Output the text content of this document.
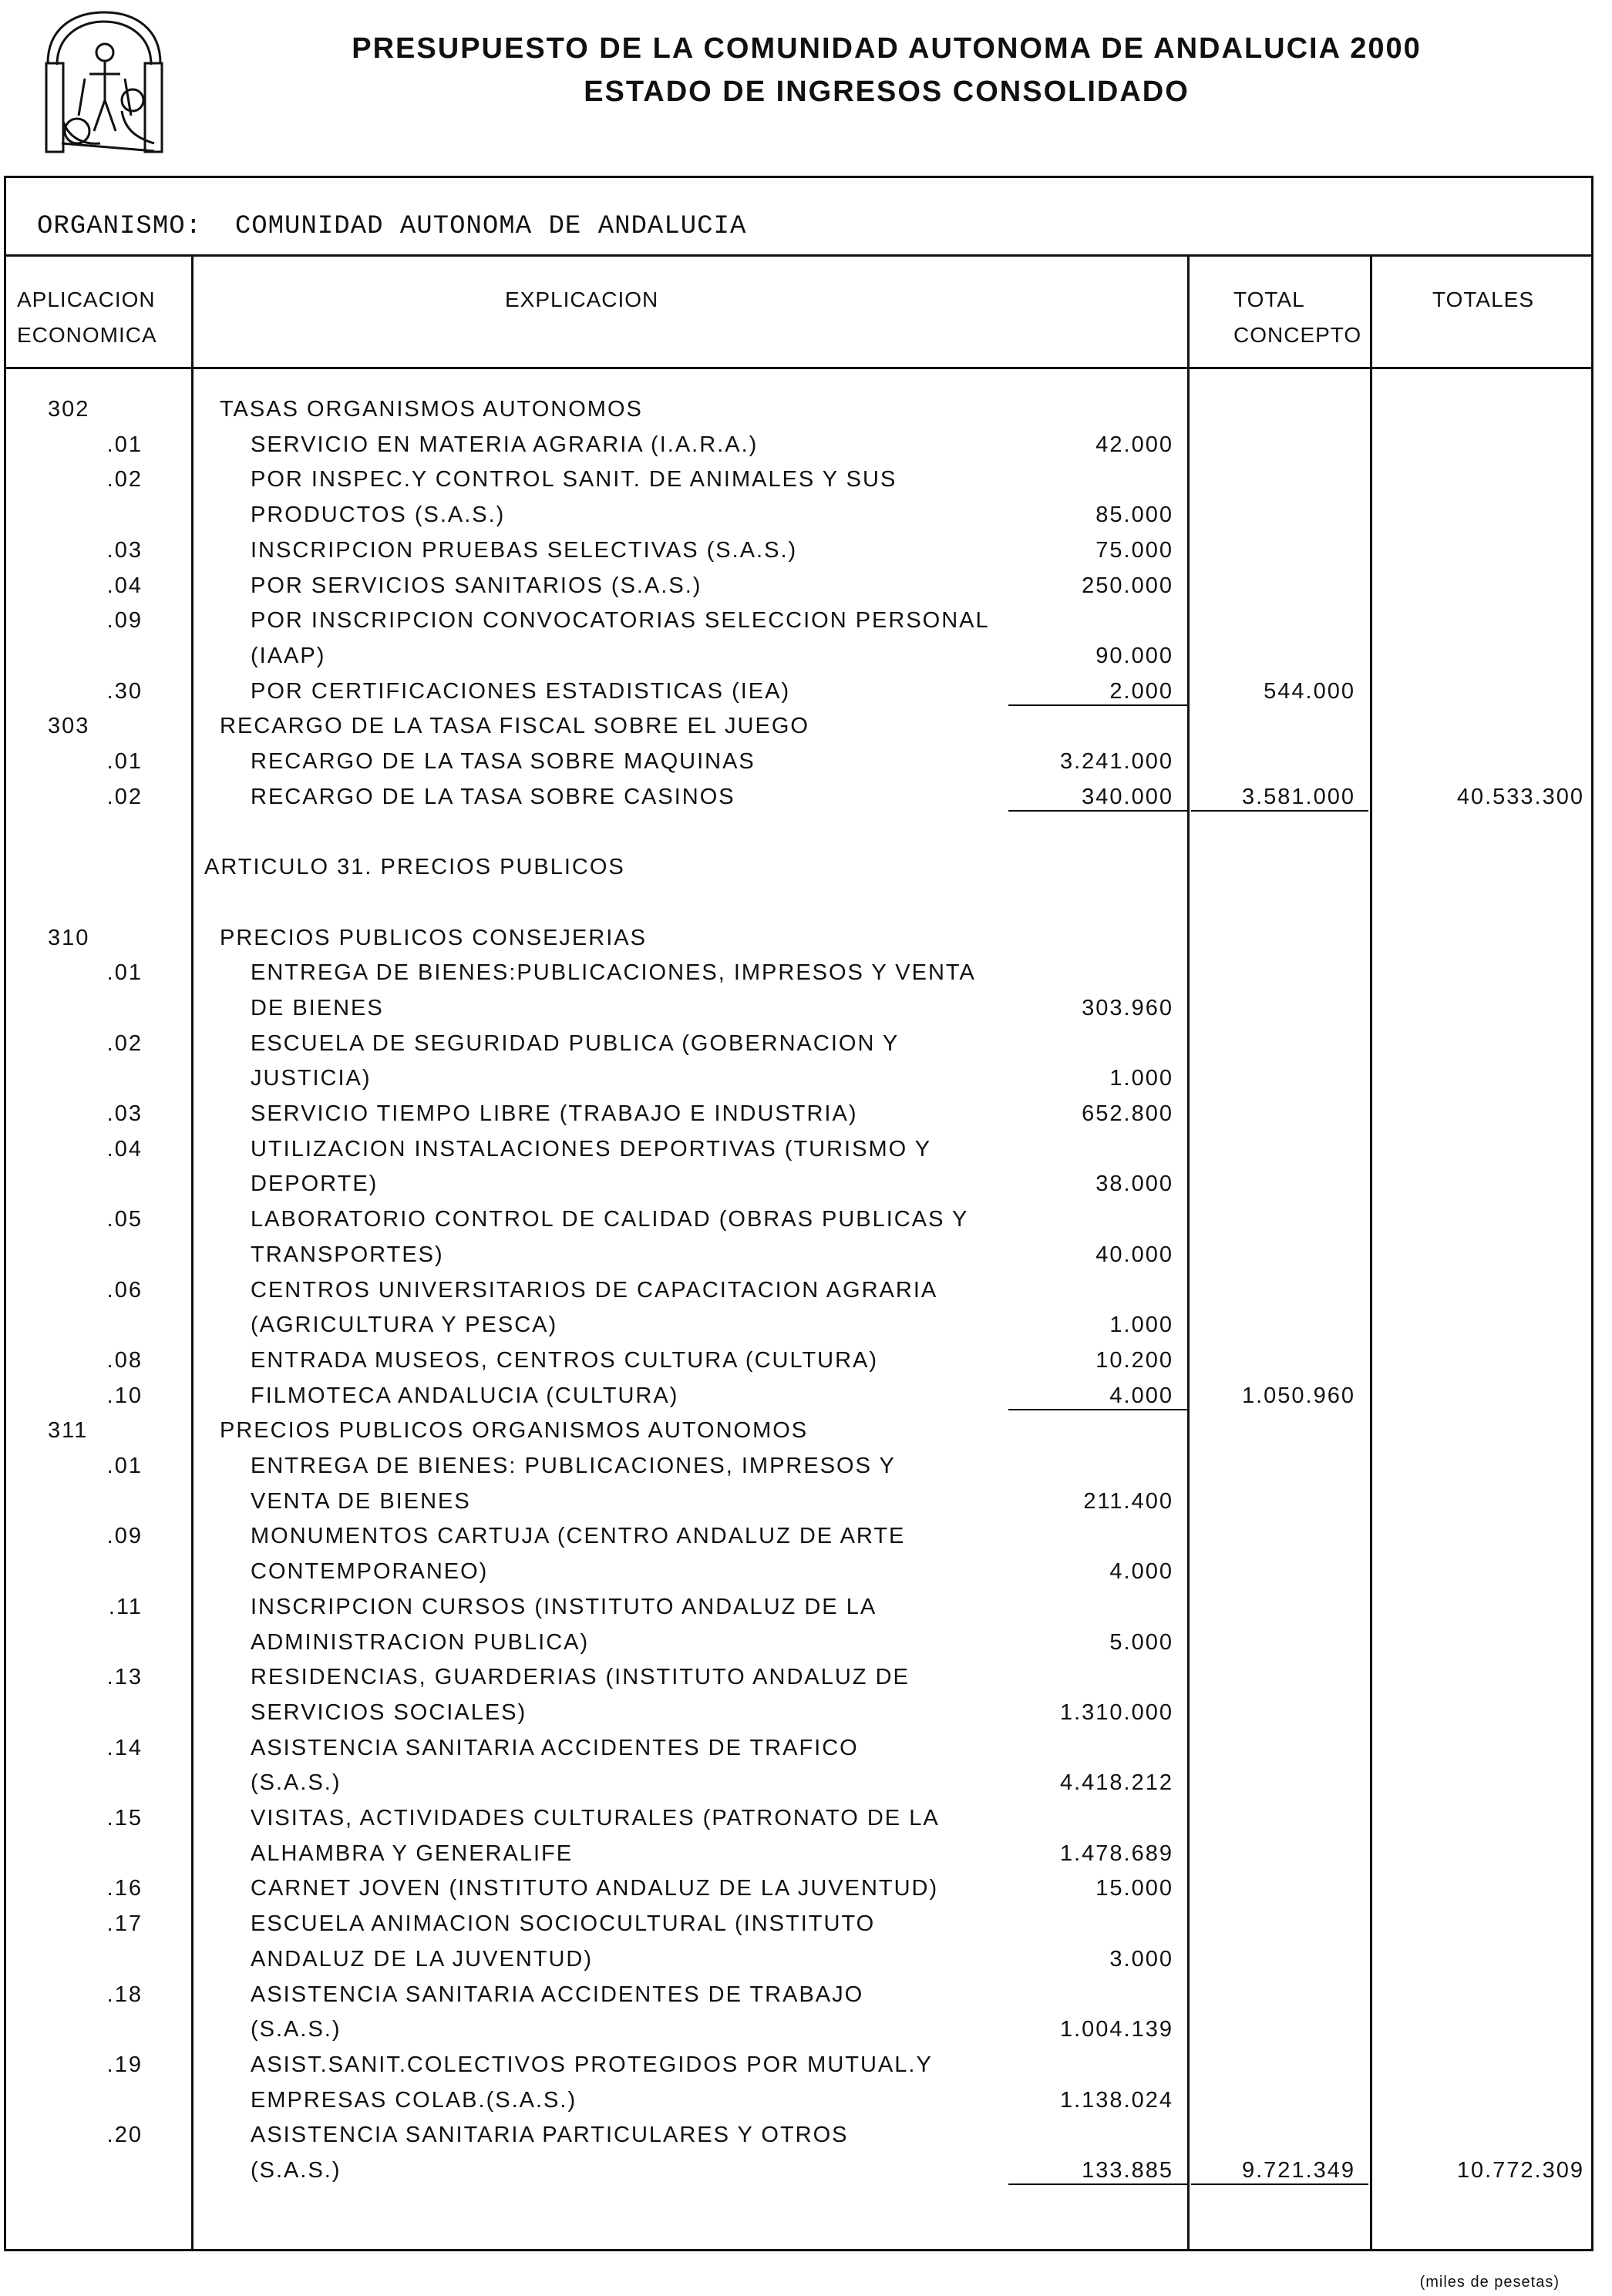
PRESUPUESTO DE LA COMUNIDAD AUTONOMA DE ANDALUCIA 2000
ESTADO DE INGRESOS CONSOLIDADO
ORGANISMO:  COMUNIDAD AUTONOMA DE ANDALUCIA
APLICACION
ECONOMICA
EXPLICACION	TOTAL
CONCEPTO
TOTALES
302	TASAS ORGANISMOS AUTONOMOS
.01	SERVICIO EN MATERIA AGRARIA (I.A.R.A.)	42.000
.02	POR INSPEC.Y CONTROL SANIT. DE ANIMALES Y SUS
PRODUCTOS (S.A.S.)	85.000
.03	INSCRIPCION PRUEBAS SELECTIVAS (S.A.S.)	75.000
.04	POR SERVICIOS SANITARIOS (S.A.S.)	250.000
.09	POR INSCRIPCION CONVOCATORIAS SELECCION PERSONAL
(IAAP)	90.000
.30	POR CERTIFICACIONES ESTADISTICAS (IEA)	2.000	544.000
303	RECARGO DE LA TASA FISCAL SOBRE EL JUEGO
.01	RECARGO DE LA TASA SOBRE MAQUINAS	3.241.000
.02	RECARGO DE LA TASA SOBRE CASINOS	340.000	3.581.000	40.533.300
ARTICULO 31. PRECIOS PUBLICOS
310	PRECIOS PUBLICOS CONSEJERIAS
.01	ENTREGA DE BIENES:PUBLICACIONES, IMPRESOS Y VENTA
DE BIENES	303.960
.02	ESCUELA DE SEGURIDAD PUBLICA (GOBERNACION Y
JUSTICIA)	1.000
.03	SERVICIO TIEMPO LIBRE (TRABAJO E INDUSTRIA)	652.800
.04	UTILIZACION INSTALACIONES DEPORTIVAS (TURISMO Y
DEPORTE)	38.000
.05	LABORATORIO CONTROL DE CALIDAD (OBRAS PUBLICAS Y
TRANSPORTES)	40.000
.06	CENTROS UNIVERSITARIOS DE CAPACITACION AGRARIA
(AGRICULTURA Y PESCA)	1.000
.08	ENTRADA MUSEOS, CENTROS CULTURA (CULTURA)	10.200
.10	FILMOTECA ANDALUCIA (CULTURA)	4.000	1.050.960
311	PRECIOS PUBLICOS ORGANISMOS AUTONOMOS
.01	ENTREGA DE BIENES: PUBLICACIONES, IMPRESOS Y
VENTA DE BIENES	211.400
.09	MONUMENTOS CARTUJA (CENTRO ANDALUZ DE ARTE
CONTEMPORANEO)	4.000
.11	INSCRIPCION CURSOS (INSTITUTO ANDALUZ DE LA
ADMINISTRACION PUBLICA)	5.000
.13	RESIDENCIAS, GUARDERIAS (INSTITUTO ANDALUZ DE
SERVICIOS SOCIALES)	1.310.000
.14	ASISTENCIA SANITARIA ACCIDENTES DE TRAFICO
(S.A.S.)	4.418.212
.15	VISITAS, ACTIVIDADES CULTURALES (PATRONATO DE LA
ALHAMBRA Y GENERALIFE	1.478.689
.16	CARNET JOVEN (INSTITUTO ANDALUZ DE LA JUVENTUD)	15.000
.17	ESCUELA ANIMACION SOCIOCULTURAL (INSTITUTO
ANDALUZ DE LA JUVENTUD)	3.000
.18	ASISTENCIA SANITARIA ACCIDENTES DE TRABAJO
(S.A.S.)	1.004.139
.19	ASIST.SANIT.COLECTIVOS PROTEGIDOS POR MUTUAL.Y
EMPRESAS COLAB.(S.A.S.)	1.138.024
.20	ASISTENCIA SANITARIA PARTICULARES Y OTROS
(S.A.S.)	133.885	9.721.349	10.772.309
(miles de pesetas)
